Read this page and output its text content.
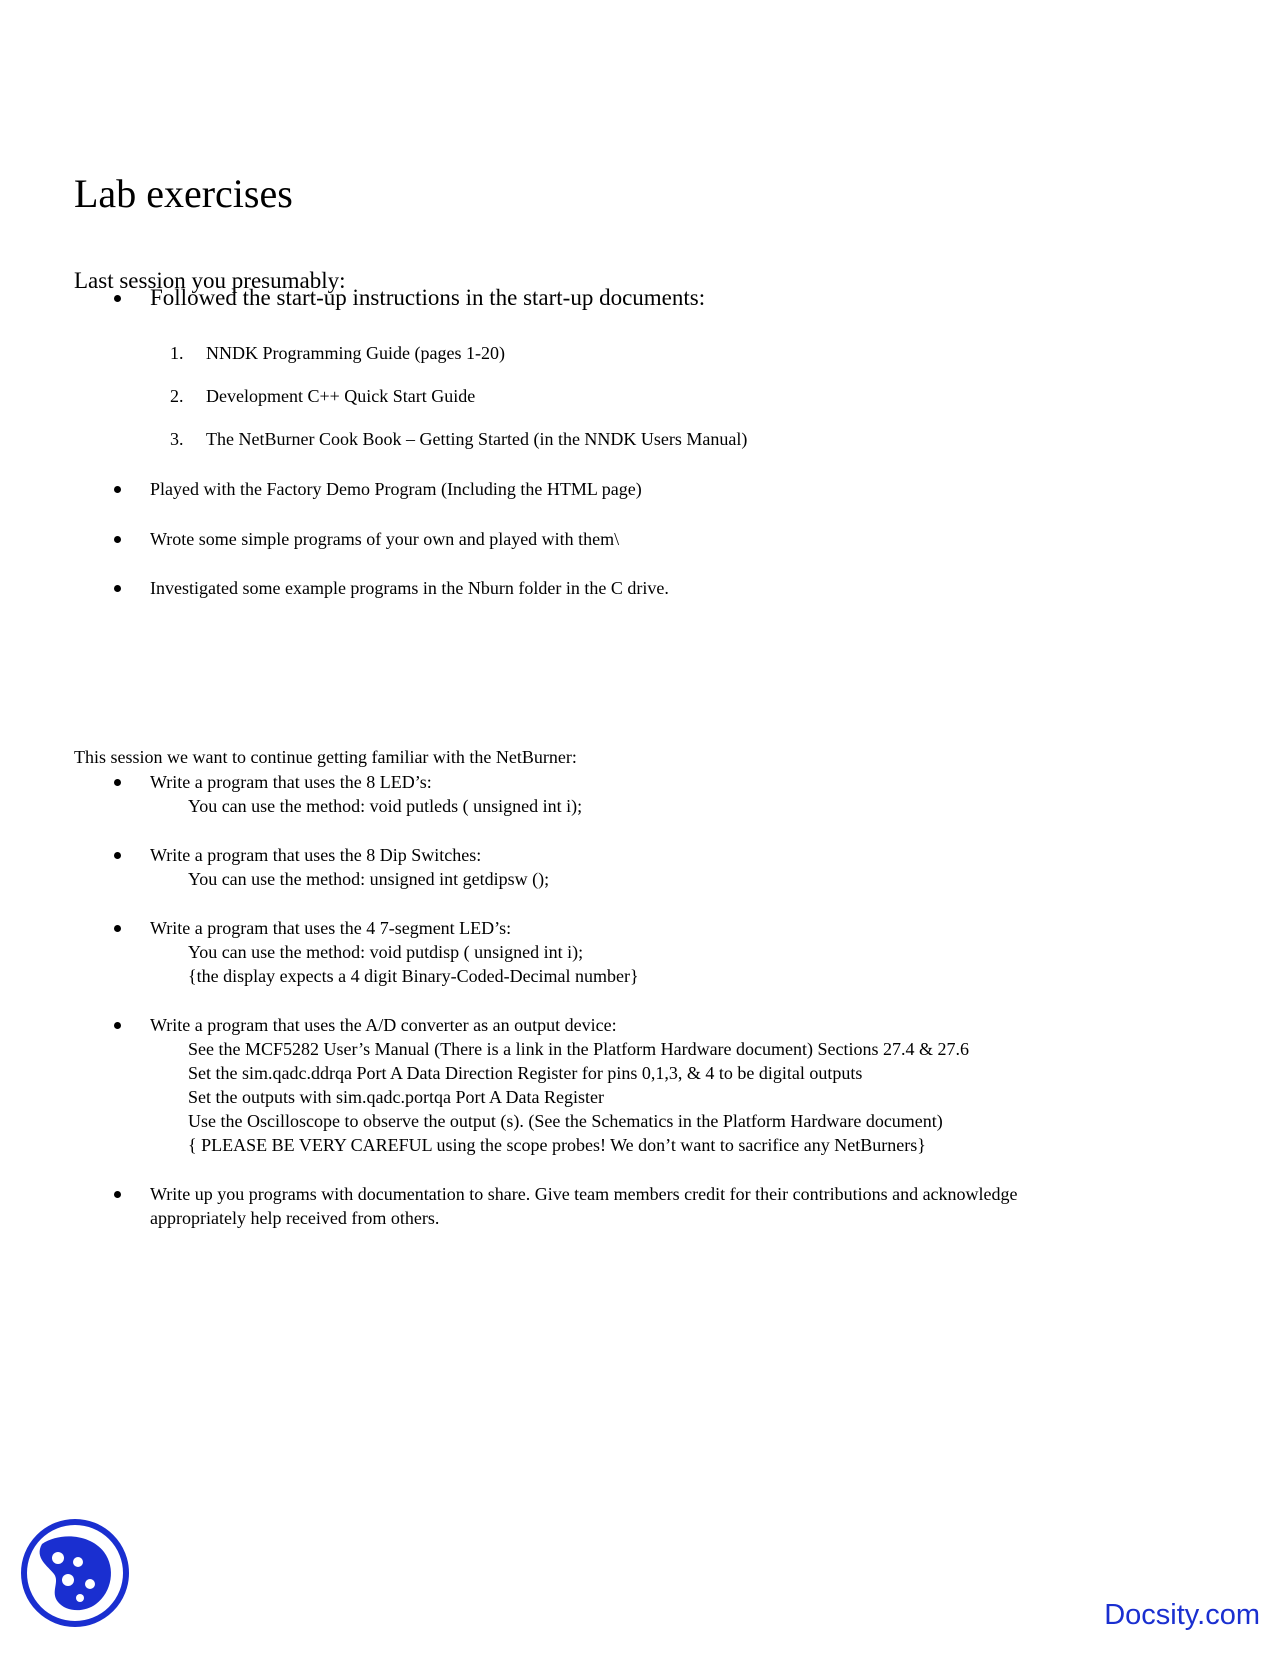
Lab exercises
Last session you presumably:
Followed the start-up instructions in the start-up documents:
1. NNDK Programming Guide (pages 1-20)
2. Development C++ Quick Start Guide
3. The NetBurner Cook Book – Getting Started (in the NNDK Users Manual)
Played with the Factory Demo Program (Including the HTML page)
Wrote some simple programs of your own and played with them\
Investigated some example programs in the Nburn folder in the C drive.
This session we want to continue getting familiar with the NetBurner:
Write a program that uses the 8 LED’s:
You can use the method: void putleds ( unsigned int i);
Write a program that uses the 8 Dip Switches:
You can use the method: unsigned int getdipsw ();
Write a program that uses the 4 7-segment LED’s:
You can use the method: void putdisp ( unsigned int i);
{the display expects a 4 digit Binary-Coded-Decimal number}
Write a program that uses the A/D converter as an output device:
See the MCF5282 User’s Manual (There is a link in the Platform Hardware document) Sections 27.4 & 27.6
Set the sim.qadc.ddrqa Port A Data Direction Register for pins 0,1,3, & 4 to be digital outputs
Set the outputs with sim.qadc.portqa Port A Data Register
Use the Oscilloscope to observe the output (s). (See the Schematics in the Platform Hardware document)
{ PLEASE BE VERY CAREFUL using the scope probes! We don’t want to sacrifice any NetBurners}
Write up you programs with documentation to share. Give team members credit for their contributions and acknowledge
appropriately help received from others.
Docsity.com
